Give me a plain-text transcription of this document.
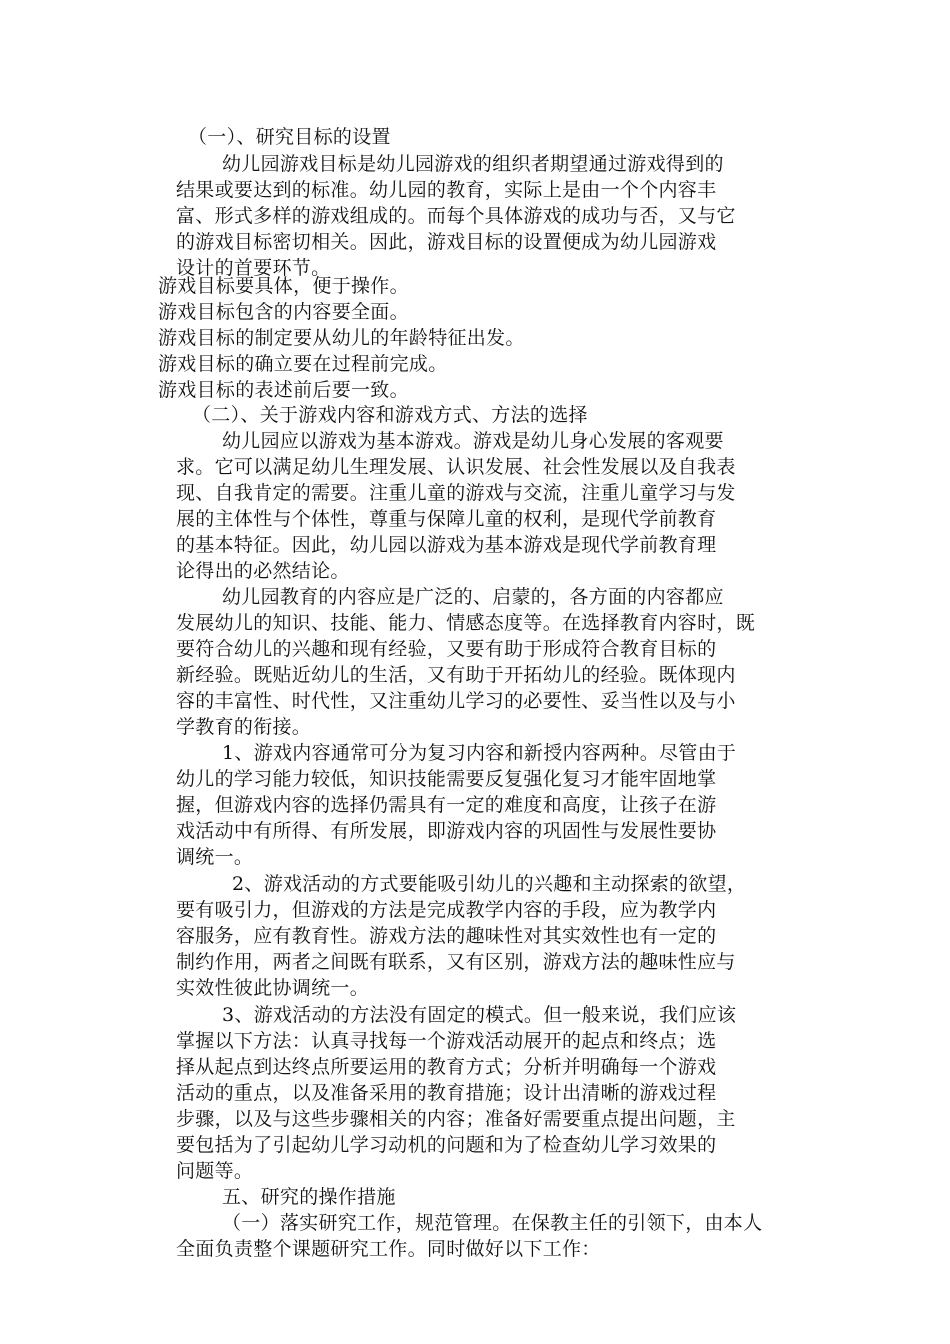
（一）、研究目标的设置
幼儿园游戏目标是幼儿园游戏的组织者期望通过游戏得到的
结果或要达到的标准。幼儿园的教育，实际上是由一个个内容丰
富、形式多样的游戏组成的。而每个具体游戏的成功与否，又与它
的游戏目标密切相关。因此，游戏目标的设置便成为幼儿园游戏
设计的首要环节。
游戏目标要具体，便于操作。
游戏目标包含的内容要全面。
游戏目标的制定要从幼儿的年龄特征出发。
游戏目标的确立要在过程前完成。
游戏目标的表述前后要一致。
（二）、关于游戏内容和游戏方式、方法的选择
幼儿园应以游戏为基本游戏。游戏是幼儿身心发展的客观要
求。它可以满足幼儿生理发展、认识发展、社会性发展以及自我表
现、自我肯定的需要。注重儿童的游戏与交流，注重儿童学习与发
展的主体性与个体性，尊重与保障儿童的权利，是现代学前教育
的基本特征。因此，幼儿园以游戏为基本游戏是现代学前教育理
论得出的必然结论。
幼儿园教育的内容应是广泛的、启蒙的，各方面的内容都应
发展幼儿的知识、技能、能力、情感态度等。在选择教育内容时，既
要符合幼儿的兴趣和现有经验，又要有助于形成符合教育目标的
新经验。既贴近幼儿的生活，又有助于开拓幼儿的经验。既体现内
容的丰富性、时代性，又注重幼儿学习的必要性、妥当性以及与小
学教育的衔接。
1、游戏内容通常可分为复习内容和新授内容两种。尽管由于
幼儿的学习能力较低，知识技能需要反复强化复习才能牢固地掌
握，但游戏内容的选择仍需具有一定的难度和高度，让孩子在游
戏活动中有所得、有所发展，即游戏内容的巩固性与发展性要协
调统一。
2、游戏活动的方式要能吸引幼儿的兴趣和主动探索的欲望，
要有吸引力，但游戏的方法是完成教学内容的手段，应为教学内
容服务，应有教育性。游戏方法的趣味性对其实效性也有一定的
制约作用，两者之间既有联系，又有区别，游戏方法的趣味性应与
实效性彼此协调统一。
3、游戏活动的方法没有固定的模式。但一般来说，我们应该
掌握以下方法：认真寻找每一个游戏活动展开的起点和终点；选
择从起点到达终点所要运用的教育方式；分析并明确每一个游戏
活动的重点，以及准备采用的教育措施；设计出清晰的游戏过程
步骤，以及与这些步骤相关的内容；准备好需要重点提出问题，主
要包括为了引起幼儿学习动机的问题和为了检查幼儿学习效果的
问题等。
五、研究的操作措施
（一）落实研究工作，规范管理。在保教主任的引领下，由本人
全面负责整个课题研究工作。同时做好以下工作：
